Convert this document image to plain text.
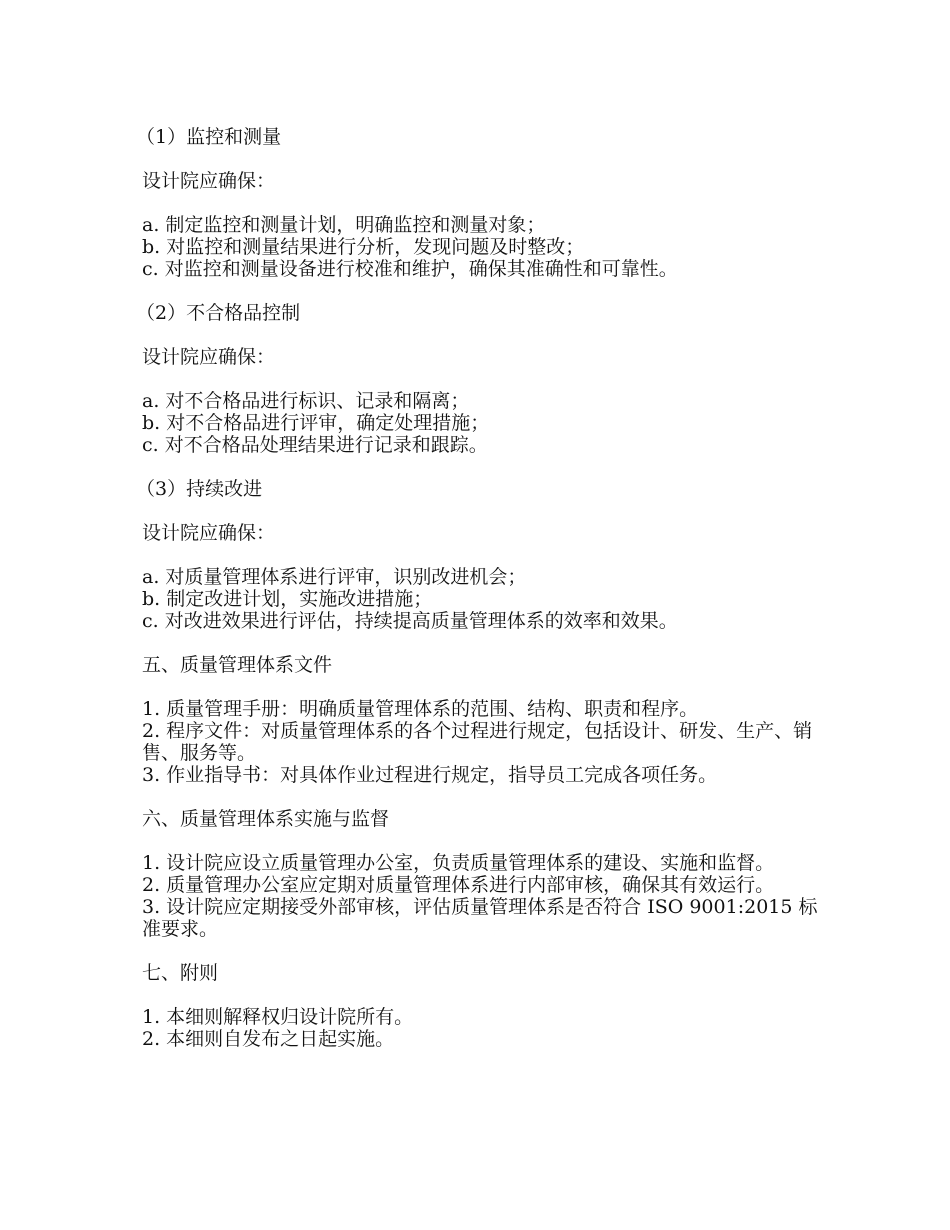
（1）监控和测量
设计院应确保：
a. 制定监控和测量计划，明确监控和测量对象；
b. 对监控和测量结果进行分析，发现问题及时整改；
c. 对监控和测量设备进行校准和维护，确保其准确性和可靠性。
（2）不合格品控制
设计院应确保：
a. 对不合格品进行标识、记录和隔离；
b. 对不合格品进行评审，确定处理措施；
c. 对不合格品处理结果进行记录和跟踪。
（3）持续改进
设计院应确保：
a. 对质量管理体系进行评审，识别改进机会；
b. 制定改进计划，实施改进措施；
c. 对改进效果进行评估，持续提高质量管理体系的效率和效果。
五、质量管理体系文件
1. 质量管理手册：明确质量管理体系的范围、结构、职责和程序。
2. 程序文件：对质量管理体系的各个过程进行规定，包括设计、研发、生产、销售、服务等。
3. 作业指导书：对具体作业过程进行规定，指导员工完成各项任务。
六、质量管理体系实施与监督
1. 设计院应设立质量管理办公室，负责质量管理体系的建设、实施和监督。
2. 质量管理办公室应定期对质量管理体系进行内部审核，确保其有效运行。
3. 设计院应定期接受外部审核，评估质量管理体系是否符合 ISO 9001:2015 标准要求。
七、附则
1. 本细则解释权归设计院所有。
2. 本细则自发布之日起实施。
